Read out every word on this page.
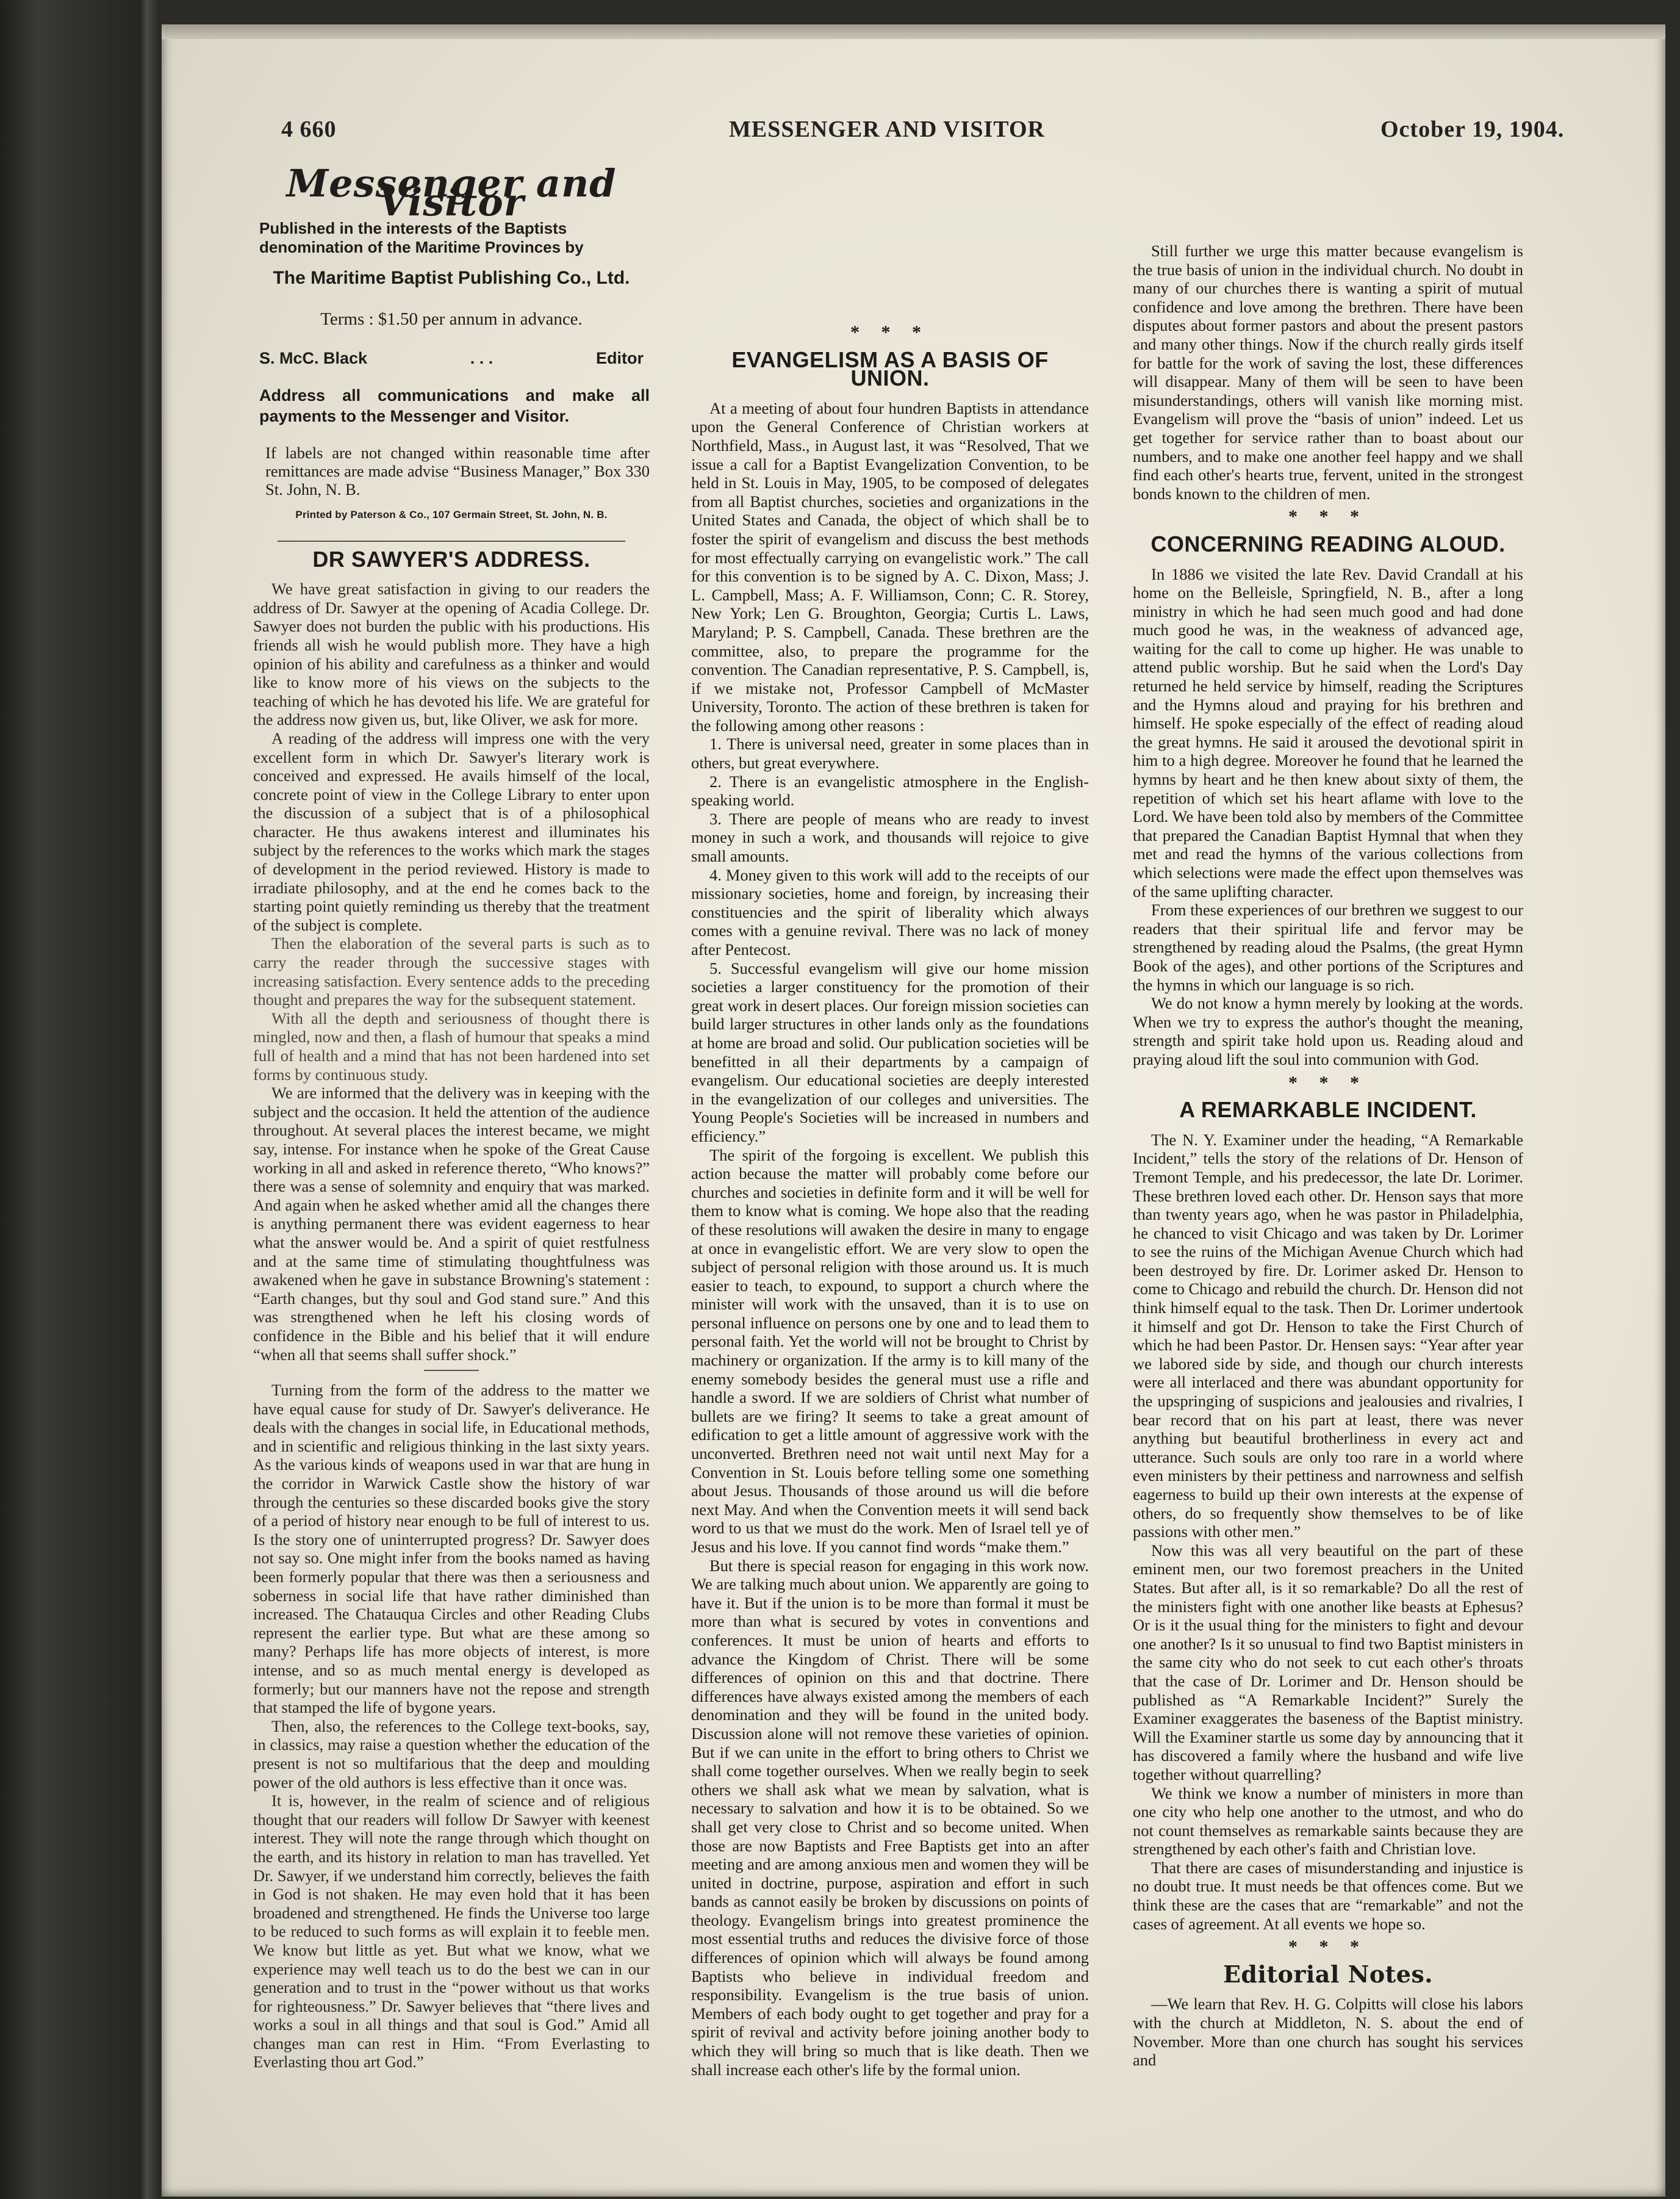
4 660	MESSENGER AND VISITOR	October 19, 1904.
Messenger and Visitor
Published in the interests of the Baptists denomination of the Maritime Provinces by
The Maritime Baptist Publishing Co., Ltd.
Terms : $1.50 per annum in advance.
S. McC. Black	. . .	Editor
Address all communications and make all payments to the Messenger and Visitor.
If labels are not changed within reasonable time after remittances are made advise “Business Manager,” Box 330 St. John, N. B.
Printed by Paterson & Co., 107 Germain Street, St. John, N. B.
DR SAWYER'S ADDRESS.

We have great satisfaction in giving to our readers the address of Dr. Sawyer at the opening of Acadia College. Dr. Sawyer does not burden the public with his productions. His friends all wish he would publish more. They have a high opinion of his ability and carefulness as a thinker and would like to know more of his views on the subjects to the teaching of which he has devoted his life. We are grateful for the address now given us, but, like Oliver, we ask for more.

A reading of the address will impress one with the very excellent form in which Dr. Sawyer's literary work is conceived and expressed. He avails himself of the local, concrete point of view in the College Library to enter upon the discussion of a subject that is of a philosophical character. He thus awakens interest and illuminates his subject by the references to the works which mark the stages of development in the period reviewed. History is made to irradiate philosophy, and at the end he comes back to the starting point quietly reminding us thereby that the treatment of the subject is complete.

Then the elaboration of the several parts is such as to carry the reader through the successive stages with increasing satisfaction. Every sentence adds to the preceding thought and prepares the way for the subsequent statement.

With all the depth and seriousness of thought there is mingled, now and then, a flash of humour that speaks a mind full of health and a mind that has not been hardened into set forms by continuous study.

We are informed that the delivery was in keeping with the subject and the occasion. It held the attention of the audience throughout. At several places the interest became, we might say, intense. For instance when he spoke of the Great Cause working in all and asked in reference thereto, “Who knows?” there was a sense of solemnity and enquiry that was marked. And again when he asked whether amid all the changes there is anything permanent there was evident eagerness to hear what the answer would be. And a spirit of quiet restfulness and at the same time of stimulating thoughtfulness was awakened when he gave in substance Browning's statement : “Earth changes, but thy soul and God stand sure.” And this was strengthened when he left his closing words of confidence in the Bible and his belief that it will endure “when all that seems shall suffer shock.”

Turning from the form of the address to the matter we have equal cause for study of Dr. Sawyer's deliverance. He deals with the changes in social life, in Educational methods, and in scientific and religious thinking in the last sixty years. As the various kinds of weapons used in war that are hung in the corridor in Warwick Castle show the history of war through the centuries so these discarded books give the story of a period of history near enough to be full of interest to us. Is the story one of uninterrupted progress? Dr. Sawyer does not say so. One might infer from the books named as having been formerly popular that there was then a seriousness and soberness in social life that have rather diminished than increased. The Chatauqua Circles and other Reading Clubs represent the earlier type. But what are these among so many? Perhaps life has more objects of interest, is more intense, and so as much mental energy is developed as formerly; but our manners have not the repose and strength that stamped the life of bygone years.

Then, also, the references to the College text-books, say, in classics, may raise a question whether the education of the present is not so multifarious that the deep and moulding power of the old authors is less effective than it once was.

It is, however, in the realm of science and of religious thought that our readers will follow Dr Sawyer with keenest interest. They will note the range through which thought on the earth, and its history in relation to man has travelled. Yet Dr. Sawyer, if we understand him correctly, believes the faith in God is not shaken. He may even hold that it has been broadened and strengthened. He finds the Universe too large to be reduced to such forms as will explain it to feeble men. We know but little as yet. But what we know, what we experience may well teach us to do the best we can in our generation and to trust in the “power without us that works for righteousness.” Dr. Sawyer believes that “there lives and works a soul in all things and that soul is God.” Amid all changes man can rest in Him. “From Everlasting to Everlasting thou art God.”

* * *
EVANGELISM AS A BASIS OF UNION.

At a meeting of about four hundren Baptists in attendance upon the General Conference of Christian workers at Northfield, Mass., in August last, it was “Resolved, That we issue a call for a Baptist Evangelization Convention, to be held in St. Louis in May, 1905, to be composed of delegates from all Baptist churches, societies and organizations in the United States and Canada, the object of which shall be to foster the spirit of evangelism and discuss the best methods for most effectually carrying on evangelistic work.” The call for this convention is to be signed by A. C. Dixon, Mass; J. L. Campbell, Mass; A. F. Williamson, Conn; C. R. Storey, New York; Len G. Broughton, Georgia; Curtis L. Laws, Maryland; P. S. Campbell, Canada. These brethren are the committee, also, to prepare the programme for the convention. The Canadian representative, P. S. Campbell, is, if we mistake not, Professor Campbell of McMaster University, Toronto. The action of these brethren is taken for the following among other reasons :

1. There is universal need, greater in some places than in others, but great everywhere.

2. There is an evangelistic atmosphere in the English-speaking world.

3. There are people of means who are ready to invest money in such a work, and thousands will rejoice to give small amounts.

4. Money given to this work will add to the receipts of our missionary societies, home and foreign, by increasing their constituencies and the spirit of liberality which always comes with a genuine revival. There was no lack of money after Pentecost.

5. Successful evangelism will give our home mission societies a larger constituency for the promotion of their great work in desert places. Our foreign mission societies can build larger structures in other lands only as the foundations at home are broad and solid. Our publication societies will be benefitted in all their departments by a campaign of evangelism. Our educational societies are deeply interested in the evangelization of our colleges and universities. The Young People's Societies will be increased in numbers and efficiency.”

The spirit of the forgoing is excellent. We publish this action because the matter will probably come before our churches and societies in definite form and it will be well for them to know what is coming. We hope also that the reading of these resolutions will awaken the desire in many to engage at once in evangelistic effort. We are very slow to open the subject of personal religion with those around us. It is much easier to teach, to expound, to support a church where the minister will work with the unsaved, than it is to use on personal influence on persons one by one and to lead them to personal faith. Yet the world will not be brought to Christ by machinery or organization. If the army is to kill many of the enemy somebody besides the general must use a rifle and handle a sword. If we are soldiers of Christ what number of bullets are we firing? It seems to take a great amount of edification to get a little amount of aggressive work with the unconverted. Brethren need not wait until next May for a Convention in St. Louis before telling some one something about Jesus. Thousands of those around us will die before next May. And when the Convention meets it will send back word to us that we must do the work. Men of Israel tell ye of Jesus and his love. If you cannot find words “make them.”

But there is special reason for engaging in this work now. We are talking much about union. We apparently are going to have it. But if the union is to be more than formal it must be more than what is secured by votes in conventions and conferences. It must be union of hearts and efforts to advance the Kingdom of Christ. There will be some differences of opinion on this and that doctrine. There differences have always existed among the members of each denomination and they will be found in the united body. Discussion alone will not remove these varieties of opinion. But if we can unite in the effort to bring others to Christ we shall come together ourselves. When we really begin to seek others we shall ask what we mean by salvation, what is necessary to salvation and how it is to be obtained. So we shall get very close to Christ and so become united. When those are now Baptists and Free Baptists get into an after meeting and are among anxious men and women they will be united in doctrine, purpose, aspiration and effort in such bands as cannot easily be broken by discussions on points of theology. Evangelism brings into greatest prominence the most essential truths and reduces the divisive force of those differences of opinion which will always be found among Baptists who believe in individual freedom and responsibility. Evangelism is the true basis of union. Members of each body ought to get together and pray for a spirit of revival and activity before joining another body to which they will bring so much that is like death. Then we shall increase each other's life by the formal union.

Still further we urge this matter because evangelism is the true basis of union in the individual church. No doubt in many of our churches there is wanting a spirit of mutual confidence and love among the brethren. There have been disputes about former pastors and about the present pastors and many other things. Now if the church really girds itself for battle for the work of saving the lost, these differences will disappear. Many of them will be seen to have been misunderstandings, others will vanish like morning mist. Evangelism will prove the “basis of union” indeed. Let us get together for service rather than to boast about our numbers, and to make one another feel happy and we shall find each other's hearts true, fervent, united in the strongest bonds known to the children of men.

* * *
CONCERNING READING ALOUD.

In 1886 we visited the late Rev. David Crandall at his home on the Belleisle, Springfield, N. B., after a long ministry in which he had seen much good and had done much good he was, in the weakness of advanced age, waiting for the call to come up higher. He was unable to attend public worship. But he said when the Lord's Day returned he held service by himself, reading the Scriptures and the Hymns aloud and praying for his brethren and himself. He spoke especially of the effect of reading aloud the great hymns. He said it aroused the devotional spirit in him to a high degree. Moreover he found that he learned the hymns by heart and he then knew about sixty of them, the repetition of which set his heart aflame with love to the Lord. We have been told also by members of the Committee that prepared the Canadian Baptist Hymnal that when they met and read the hymns of the various collections from which selections were made the effect upon themselves was of the same uplifting character.

From these experiences of our brethren we suggest to our readers that their spiritual life and fervor may be strengthened by reading aloud the Psalms, (the great Hymn Book of the ages), and other portions of the Scriptures and the hymns in which our language is so rich.

We do not know a hymn merely by looking at the words. When we try to express the author's thought the meaning, strength and spirit take hold upon us. Reading aloud and praying aloud lift the soul into communion with God.

* * *
A REMARKABLE INCIDENT.

The N. Y. Examiner under the heading, “A Remarkable Incident,” tells the story of the relations of Dr. Henson of Tremont Temple, and his predecessor, the late Dr. Lorimer. These brethren loved each other. Dr. Henson says that more than twenty years ago, when he was pastor in Philadelphia, he chanced to visit Chicago and was taken by Dr. Lorimer to see the ruins of the Michigan Avenue Church which had been destroyed by fire. Dr. Lorimer asked Dr. Henson to come to Chicago and rebuild the church. Dr. Henson did not think himself equal to the task. Then Dr. Lorimer undertook it himself and got Dr. Henson to take the First Church of which he had been Pastor. Dr. Hensen says: “Year after year we labored side by side, and though our church interests were all interlaced and there was abundant opportunity for the upspringing of suspicions and jealousies and rivalries, I bear record that on his part at least, there was never anything but beautiful brotherliness in every act and utterance. Such souls are only too rare in a world where even ministers by their pettiness and narrowness and selfish eagerness to build up their own interests at the expense of others, do so frequently show themselves to be of like passions with other men.”

Now this was all very beautiful on the part of these eminent men, our two foremost preachers in the United States. But after all, is it so remarkable? Do all the rest of the ministers fight with one another like beasts at Ephesus? Or is it the usual thing for the ministers to fight and devour one another? Is it so unusual to find two Baptist ministers in the same city who do not seek to cut each other's throats that the case of Dr. Lorimer and Dr. Henson should be published as “A Remarkable Incident?” Surely the Examiner exaggerates the baseness of the Baptist ministry. Will the Examiner startle us some day by announcing that it has discovered a family where the husband and wife live together without quarrelling?

We think we know a number of ministers in more than one city who help one another to the utmost, and who do not count themselves as remarkable saints because they are strengthened by each other's faith and Christian love.

That there are cases of misunderstanding and injustice is no doubt true. It must needs be that offences come. But we think these are the cases that are “remarkable” and not the cases of agreement. At all events we hope so.

* * *
Editorial Notes.

—We learn that Rev. H. G. Colpitts will close his labors with the church at Middleton, N. S. about the end of November. More than one church has sought his services and
